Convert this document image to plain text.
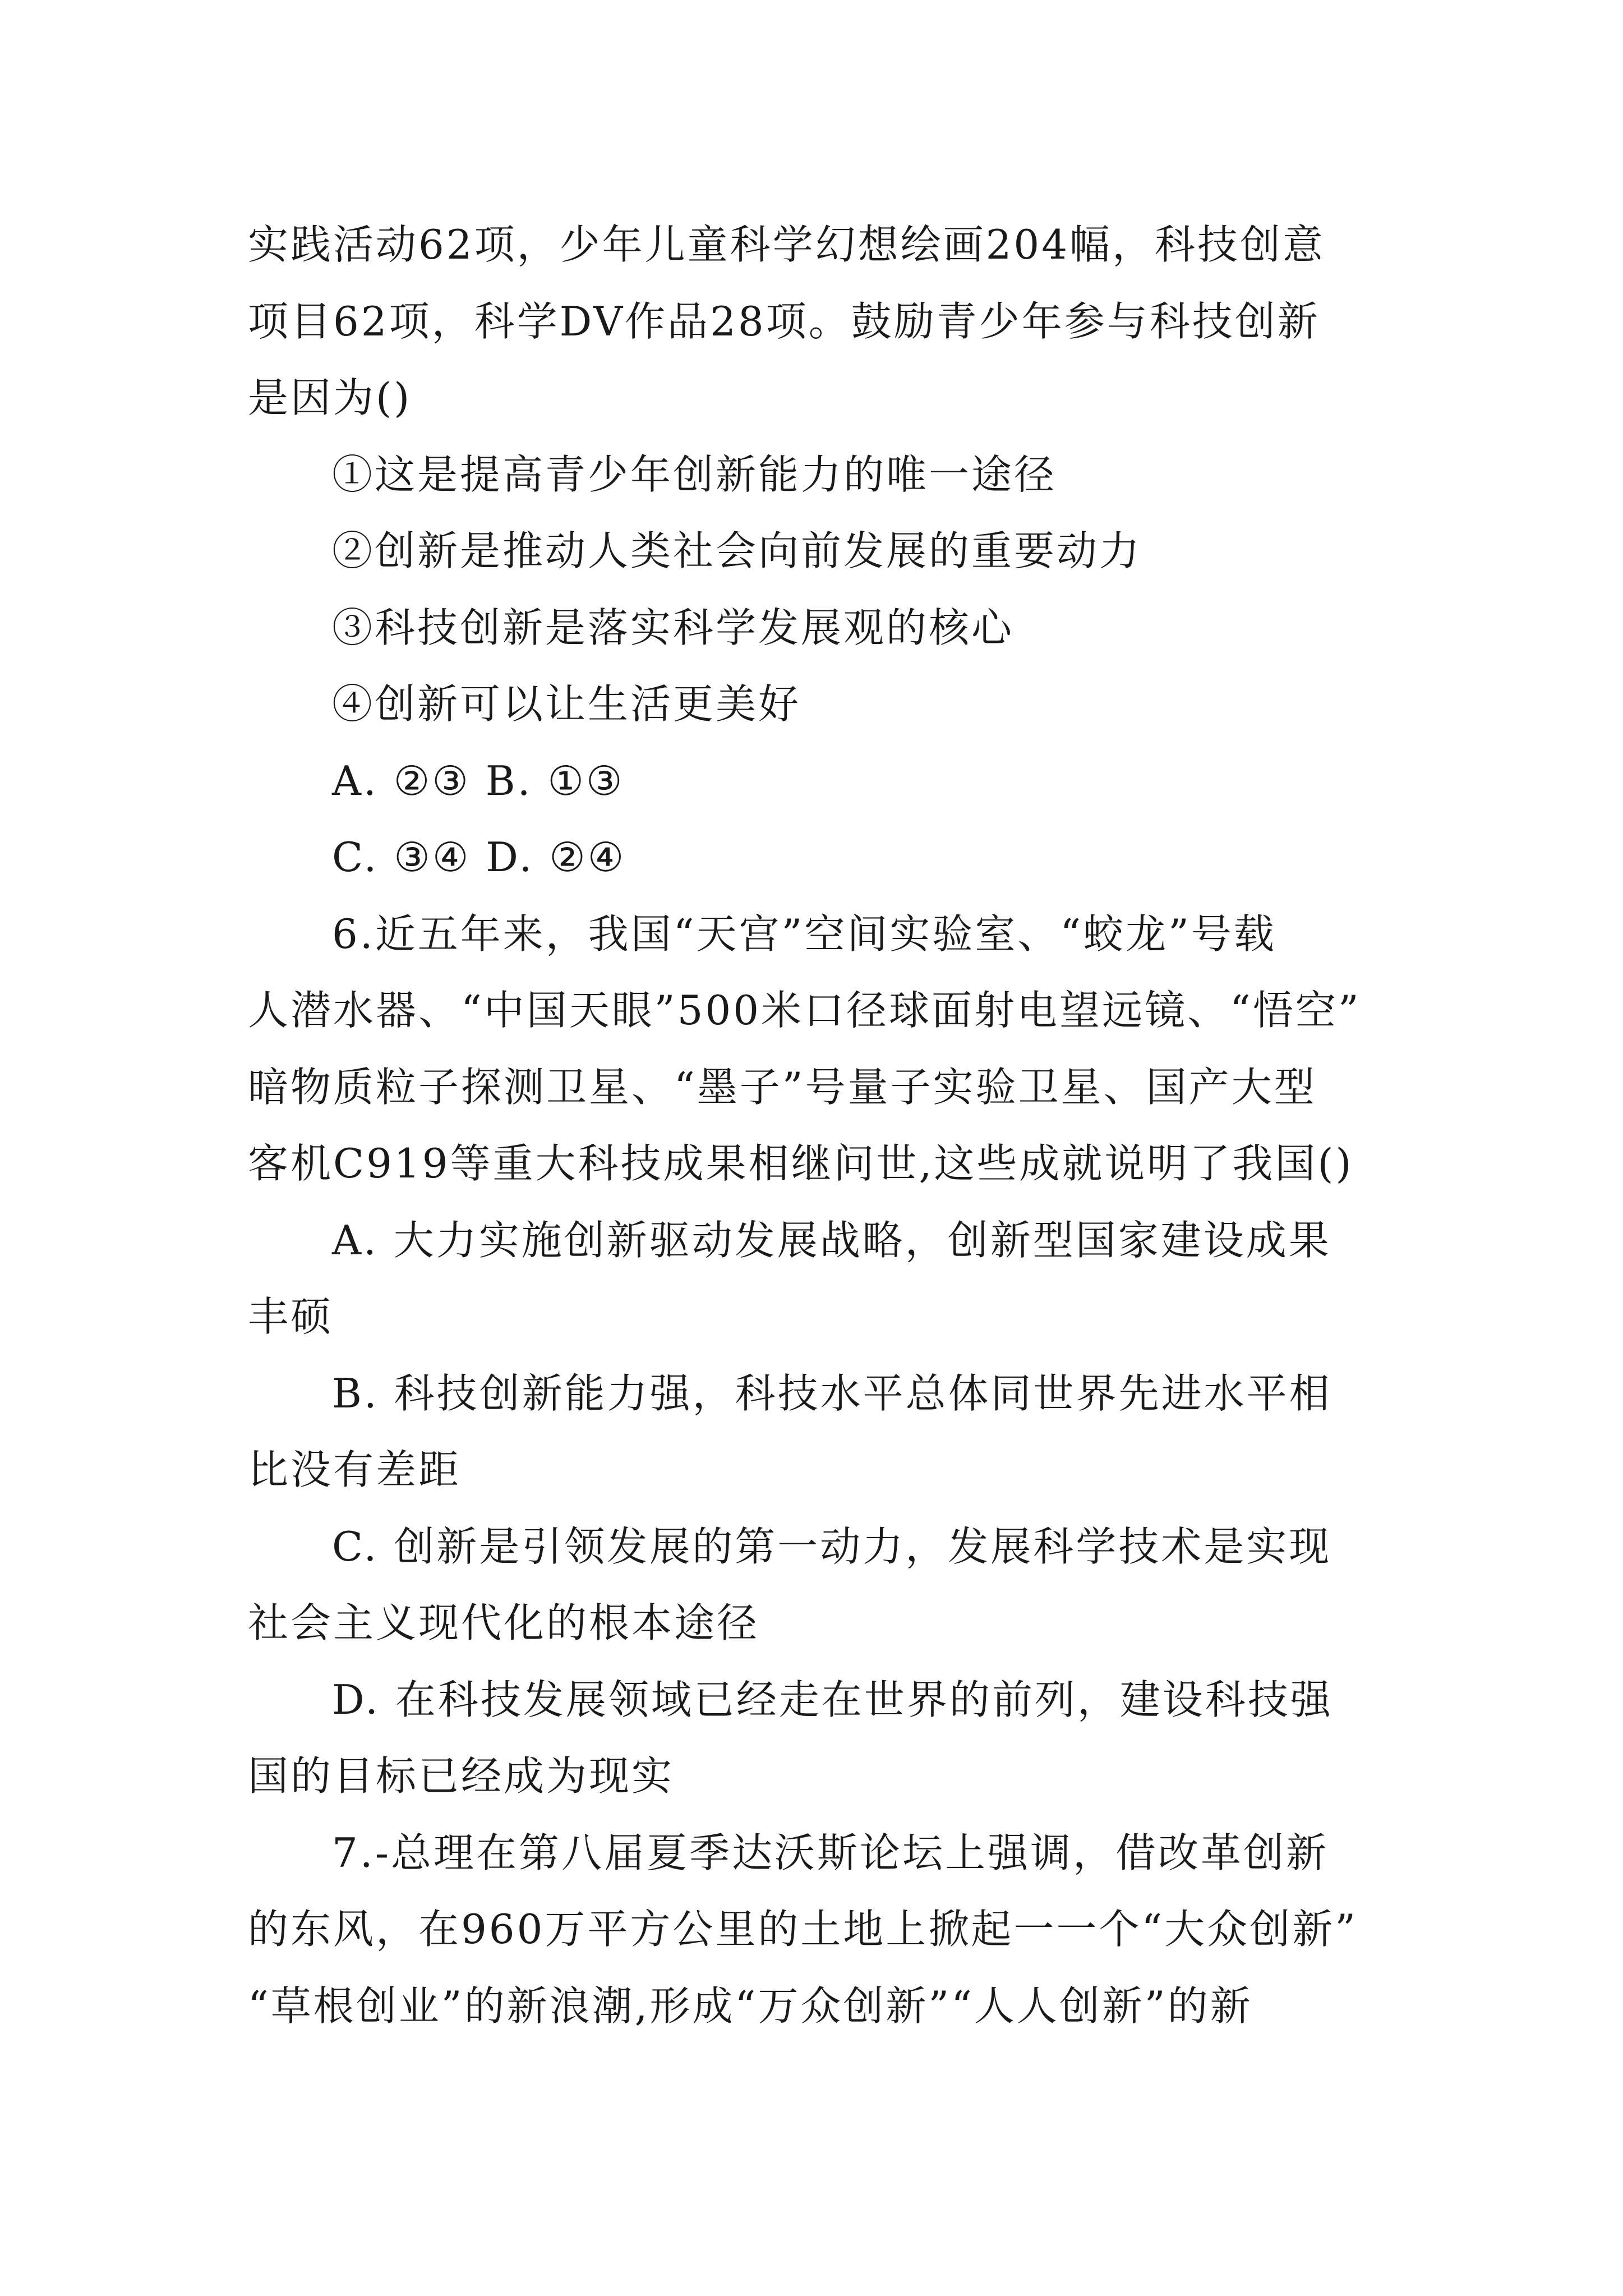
实践活动62项，少年儿童科学幻想绘画204幅，科技创意
项目62项，科学DV作品28项。鼓励青少年参与科技创新
是因为()
①这是提高青少年创新能力的唯一途径
②创新是推动人类社会向前发展的重要动力
③科技创新是落实科学发展观的核心
④创新可以让生活更美好
A. ②③ B. ①③
C. ③④ D. ②④
6.近五年来，我国“天宫”空间实验室、“蛟龙”号载
人潜水器、“中国天眼”500米口径球面射电望远镜、“悟空”
暗物质粒子探测卫星、“墨子”号量子实验卫星、国产大型
客机C919等重大科技成果相继问世,这些成就说明了我国()
A. 大力实施创新驱动发展战略，创新型国家建设成果
丰硕
B. 科技创新能力强，科技水平总体同世界先进水平相
比没有差距
C. 创新是引领发展的第一动力，发展科学技术是实现
社会主义现代化的根本途径
D. 在科技发展领域已经走在世界的前列，建设科技强
国的目标已经成为现实
7.-总理在第八届夏季达沃斯论坛上强调，借改革创新
的东风，在960万平方公里的土地上掀起一一个“大众创新”
“草根创业”的新浪潮,形成“万众创新”“人人创新”的新
